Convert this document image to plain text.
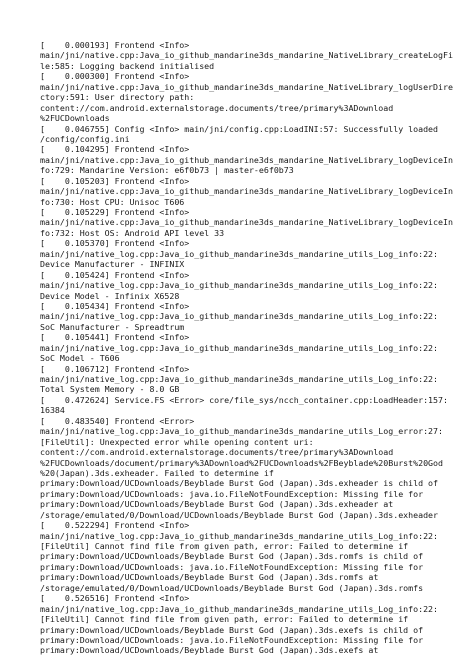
[    0.000193] Frontend <Info>
main/jni/native.cpp:Java_io_github_mandarine3ds_mandarine_NativeLibrary_createLogFi
le:585: Logging backend initialised
[    0.000300] Frontend <Info>
main/jni/native.cpp:Java_io_github_mandarine3ds_mandarine_NativeLibrary_logUserDire
ctory:591: User directory path:
content://com.android.externalstorage.documents/tree/primary%3ADownload
%2FUCDownloads
[    0.046755] Config <Info> main/jni/config.cpp:LoadINI:57: Successfully loaded
/config/config.ini
[    0.104295] Frontend <Info>
main/jni/native.cpp:Java_io_github_mandarine3ds_mandarine_NativeLibrary_logDeviceIn
fo:729: Mandarine Version: e6f0b73 | master-e6f0b73
[    0.105203] Frontend <Info>
main/jni/native.cpp:Java_io_github_mandarine3ds_mandarine_NativeLibrary_logDeviceIn
fo:730: Host CPU: Unisoc T606
[    0.105229] Frontend <Info>
main/jni/native.cpp:Java_io_github_mandarine3ds_mandarine_NativeLibrary_logDeviceIn
fo:732: Host OS: Android API level 33
[    0.105370] Frontend <Info>
main/jni/native_log.cpp:Java_io_github_mandarine3ds_mandarine_utils_Log_info:22:
Device Manufacturer - INFINIX
[    0.105424] Frontend <Info>
main/jni/native_log.cpp:Java_io_github_mandarine3ds_mandarine_utils_Log_info:22:
Device Model - Infinix X6528
[    0.105434] Frontend <Info>
main/jni/native_log.cpp:Java_io_github_mandarine3ds_mandarine_utils_Log_info:22:
SoC Manufacturer - Spreadtrum
[    0.105441] Frontend <Info>
main/jni/native_log.cpp:Java_io_github_mandarine3ds_mandarine_utils_Log_info:22:
SoC Model - T606
[    0.106712] Frontend <Info>
main/jni/native_log.cpp:Java_io_github_mandarine3ds_mandarine_utils_Log_info:22:
Total System Memory - 8.0 GB
[    0.472624] Service.FS <Error> core/file_sys/ncch_container.cpp:LoadHeader:157:
16384
[    0.483540] Frontend <Error>
main/jni/native_log.cpp:Java_io_github_mandarine3ds_mandarine_utils_Log_error:27:
[FileUtil]: Unexpected error while opening content uri:
content://com.android.externalstorage.documents/tree/primary%3ADownload
%2FUCDownloads/document/primary%3ADownload%2FUCDownloads%2FBeyblade%20Burst%20God
%20(Japan).3ds.exheader. Failed to determine if
primary:Download/UCDownloads/Beyblade Burst God (Japan).3ds.exheader is child of
primary:Download/UCDownloads: java.io.FileNotFoundException: Missing file for
primary:Download/UCDownloads/Beyblade Burst God (Japan).3ds.exheader at
/storage/emulated/0/Download/UCDownloads/Beyblade Burst God (Japan).3ds.exheader
[    0.522294] Frontend <Info>
main/jni/native_log.cpp:Java_io_github_mandarine3ds_mandarine_utils_Log_info:22:
[FileUtil] Cannot find file from given path, error: Failed to determine if
primary:Download/UCDownloads/Beyblade Burst God (Japan).3ds.romfs is child of
primary:Download/UCDownloads: java.io.FileNotFoundException: Missing file for
primary:Download/UCDownloads/Beyblade Burst God (Japan).3ds.romfs at
/storage/emulated/0/Download/UCDownloads/Beyblade Burst God (Japan).3ds.romfs
[    0.526516] Frontend <Info>
main/jni/native_log.cpp:Java_io_github_mandarine3ds_mandarine_utils_Log_info:22:
[FileUtil] Cannot find file from given path, error: Failed to determine if
primary:Download/UCDownloads/Beyblade Burst God (Japan).3ds.exefs is child of
primary:Download/UCDownloads: java.io.FileNotFoundException: Missing file for
primary:Download/UCDownloads/Beyblade Burst God (Japan).3ds.exefs at
